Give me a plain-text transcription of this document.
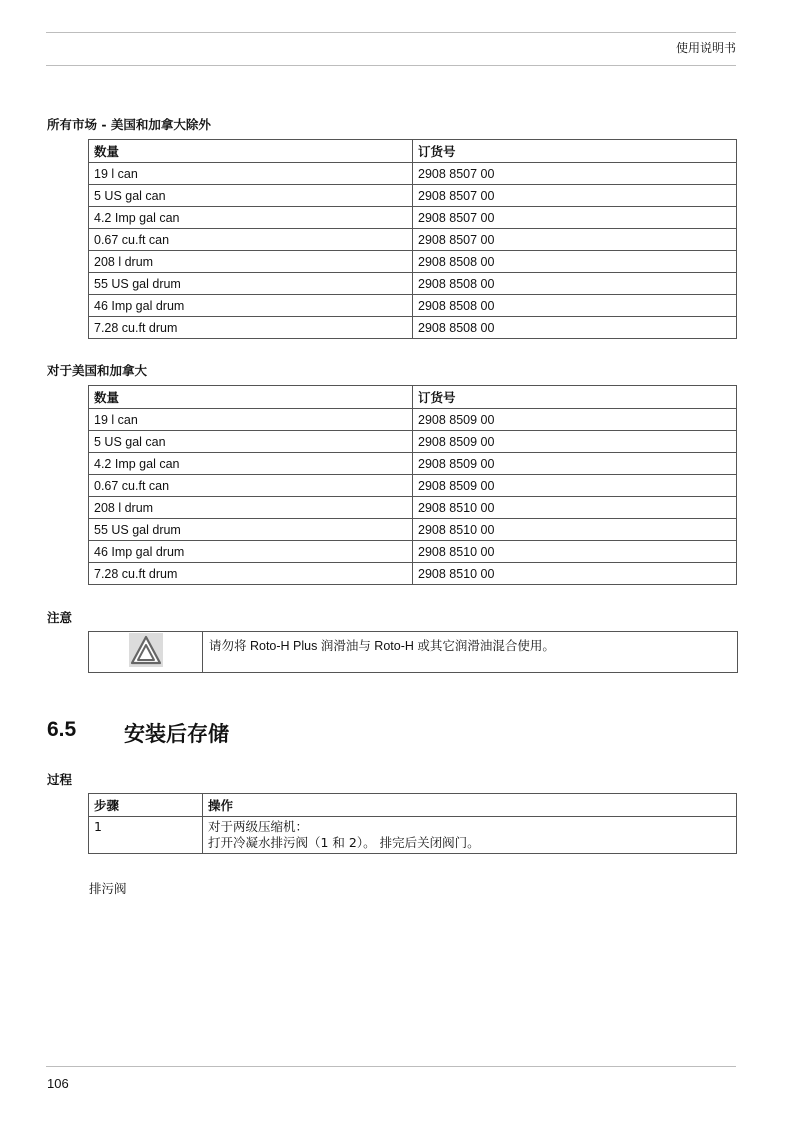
使用说明书
所有市场 - 美国和加拿大除外
数量	订货号
19 l can	2908 8507 00
5 US gal can	2908 8507 00
4.2 Imp gal can	2908 8507 00
0.67 cu.ft can	2908 8507 00
208 l drum	2908 8508 00
55 US gal drum	2908 8508 00
46 Imp gal drum	2908 8508 00
7.28 cu.ft drum	2908 8508 00
对于美国和加拿大
数量	订货号
19 l can	2908 8509 00
5 US gal can	2908 8509 00
4.2 Imp gal can	2908 8509 00
0.67 cu.ft can	2908 8509 00
208 l drum	2908 8510 00
55 US gal drum	2908 8510 00
46 Imp gal drum	2908 8510 00
7.28 cu.ft drum	2908 8510 00
注意
请勿将 Roto-H Plus 润滑油与 Roto-H 或其它润滑油混合使用。
6.5 安装后存储
过程
步骤	操作
1	对于两级压缩机：
打开冷凝水排污阀（1 和 2）。 排完后关闭阀门。
排污阀
106
